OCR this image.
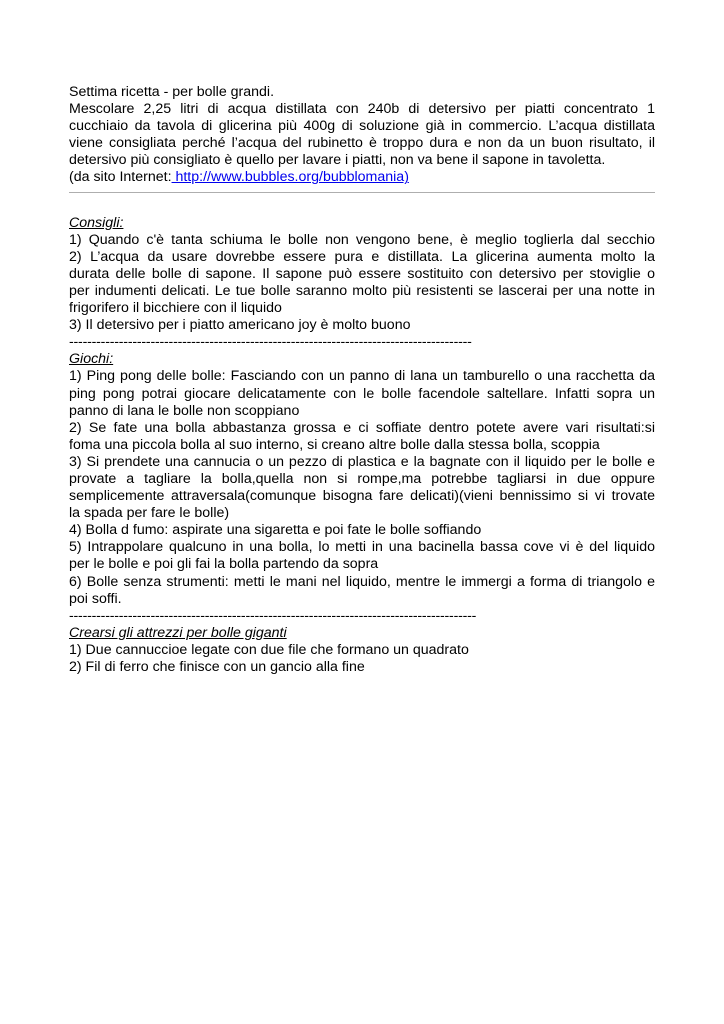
Settima ricetta - per bolle grandi.
Mescolare 2,25 litri di acqua distillata con 240b di detersivo per piatti concentrato 1
cucchiaio da tavola di glicerina più 400g di soluzione già in commercio. L’acqua distillata
viene consigliata perché l’acqua del rubinetto è troppo dura e non da un buon risultato, il
detersivo più consigliato è quello per lavare i piatti, non va bene il sapone in tavoletta.
(da sito Internet: http://www.bubbles.org/bubblomania)
Consigli:
1) Quando c'è tanta schiuma le bolle non vengono bene, è meglio toglierla dal secchio
2) L’acqua da usare dovrebbe essere pura e distillata. La glicerina aumenta molto la
durata delle bolle di sapone. Il sapone può essere sostituito con detersivo per stoviglie o
per indumenti delicati. Le tue bolle saranno molto più resistenti se lascerai per una notte in
frigorifero il bicchiere con il liquido
3) Il detersivo per i piatto americano joy è molto buono
-----------------------------------------------------------------------------------------
Giochi:
1) Ping pong delle bolle: Fasciando con un panno di lana un tamburello o una racchetta da
ping pong potrai giocare delicatamente con le bolle facendole saltellare. Infatti sopra un
panno di lana le bolle non scoppiano
2) Se fate una bolla abbastanza grossa e ci soffiate dentro potete avere vari risultati:si
foma una piccola bolla al suo interno, si creano altre bolle dalla stessa bolla, scoppia
3) Si prendete una cannucia o un pezzo di plastica e la bagnate con il liquido per le bolle e
provate a tagliare la bolla,quella non si rompe,ma potrebbe tagliarsi in due oppure
semplicemente attraversala(comunque bisogna fare delicati)(vieni bennissimo si vi trovate
la spada per fare le bolle)
4) Bolla d fumo: aspirate una sigaretta e poi fate le bolle soffiando
5) Intrappolare qualcuno in una bolla, lo metti in una bacinella bassa cove vi è del liquido
per le bolle e poi gli fai la bolla partendo da sopra
6) Bolle senza strumenti: metti le mani nel liquido, mentre le immergi a forma di triangolo e
poi soffi.
------------------------------------------------------------------------------------------
Crearsi gli attrezzi per bolle giganti
1) Due cannuccioe legate con due file che formano un quadrato
2) Fil di ferro che finisce con un gancio alla fine
